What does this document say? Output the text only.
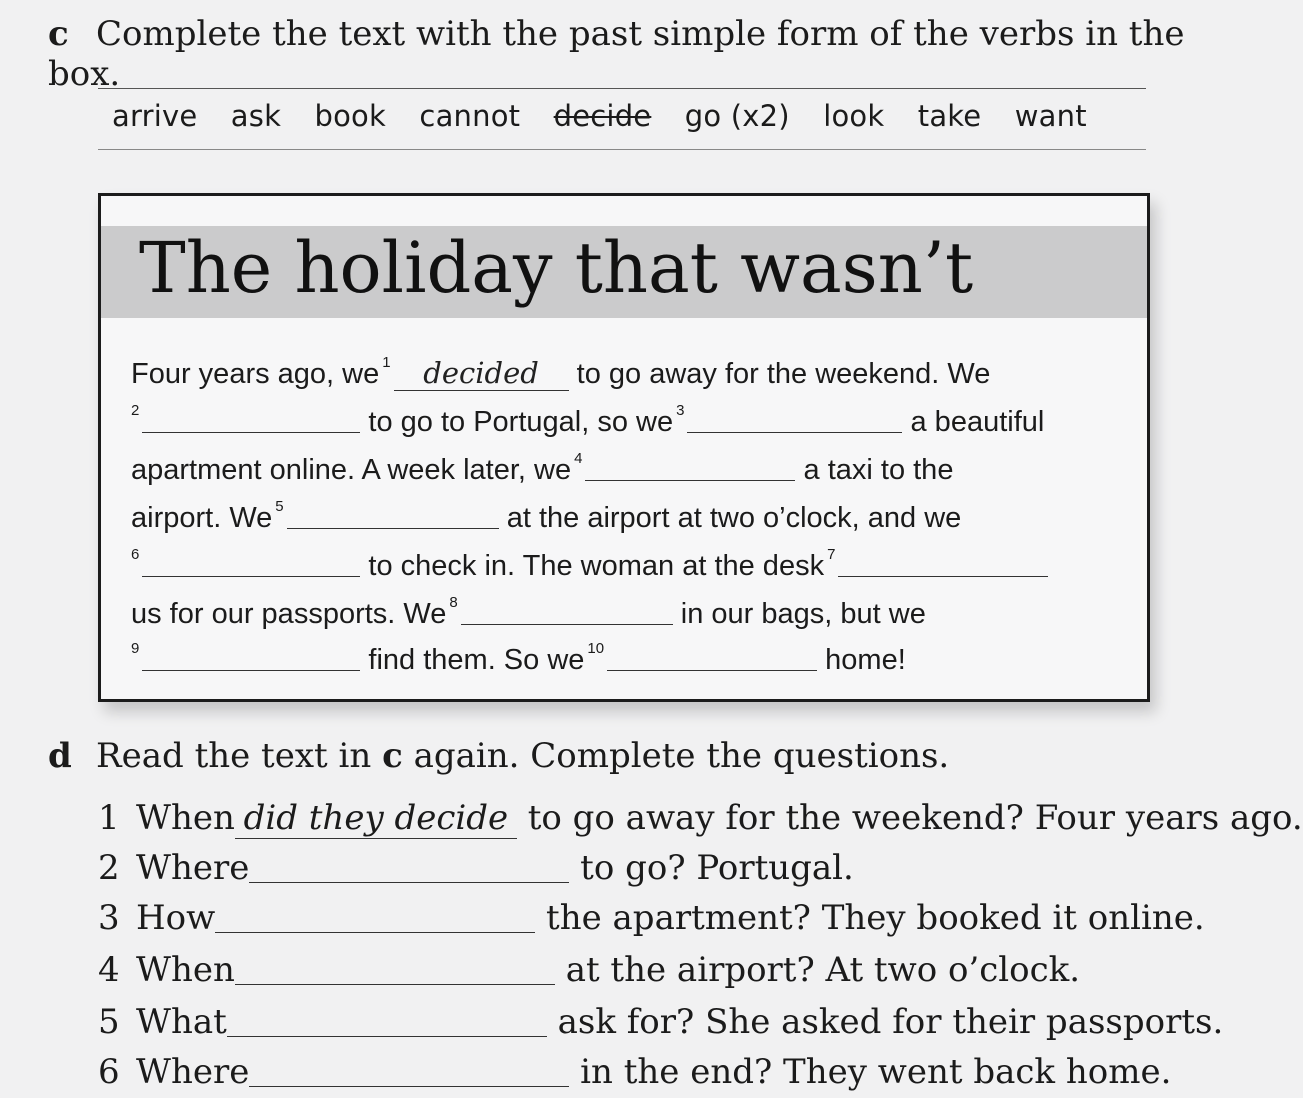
c Complete the text with the past simple form of the verbs in the box.
arrive ask book cannot decide go (x2) look take want
The holiday that wasn’t
Four years ago, we $^1$ decided to go away for the weekend. We
$^2$	to go to Portugal, so we $^3$	a beautiful
apartment online. A week later, we $^4$	a taxi to the
airport. We $^5$	at the airport at two o’clock, and we
$^6$	to check in. The woman at the desk $^7$
us for our passports. We $^8$	in our bags, but we
$^9$	find them. So we $^{10}$	home!
d Read the text in c again. Complete the questions.
1 When did they decide to go away for the weekend? Four years ago.
2 Where	to go? Portugal.
3 How	the apartment? They booked it online.
4 When	at the airport? At two o’clock.
5 What	ask for? She asked for their passports.
6 Where	in the end? They went back home.
